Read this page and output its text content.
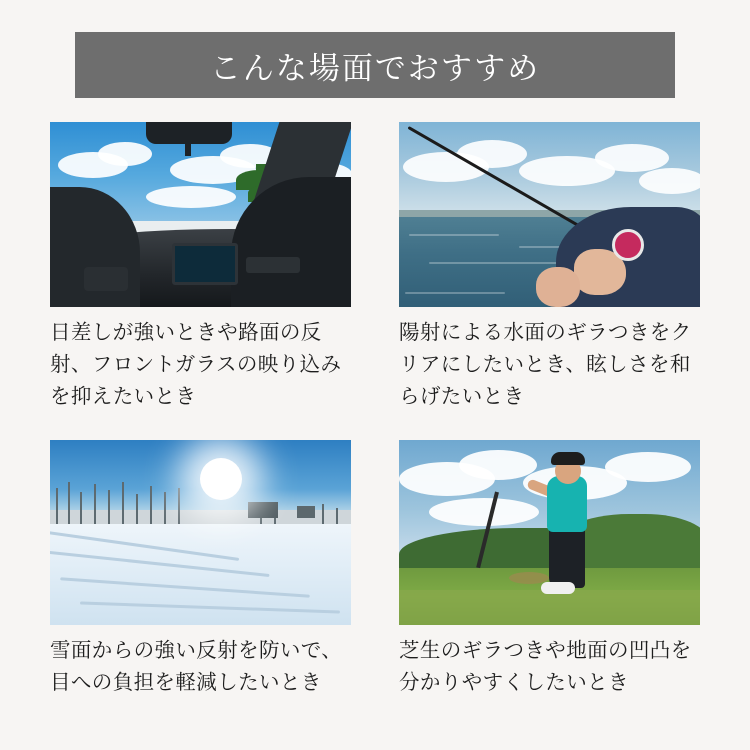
こんな場面でおすすめ
日差しが強いときや路面の反射、フロントガラスの映り込みを抑えたいとき
陽射による水面のギラつきをクリアにしたいとき、眩しさを和らげたいとき
雪面からの強い反射を防いで、目への負担を軽減したいとき
芝生のギラつきや地面の凹凸を分かりやすくしたいとき
